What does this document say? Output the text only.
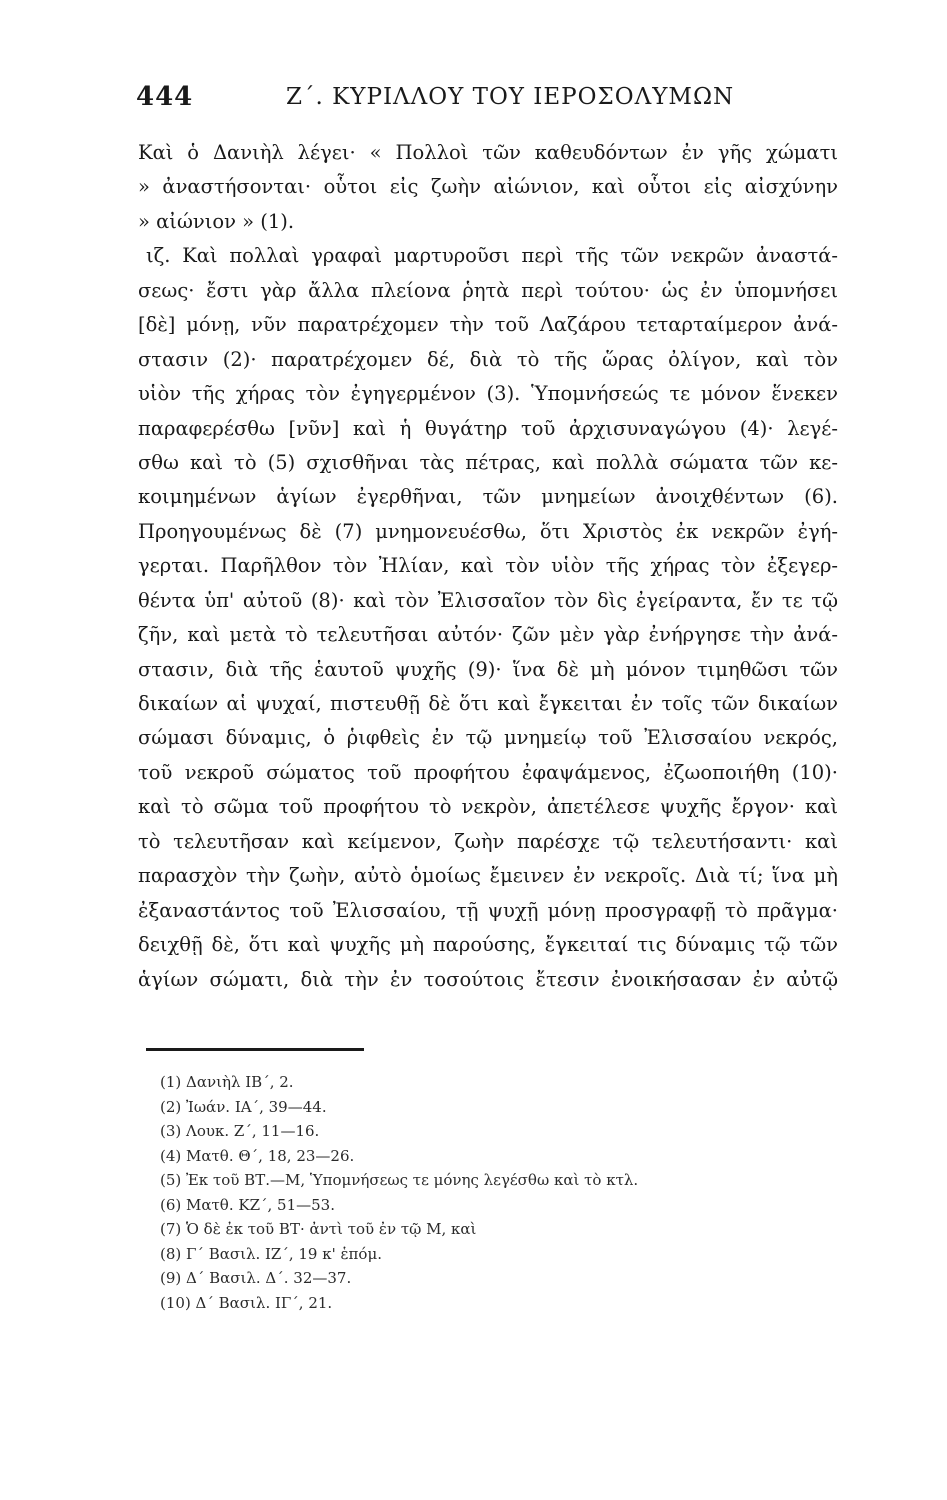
444	Ζ΄. ΚΥΡΙΛΛΟΥ ΤΟΥ ΙΕΡΟΣΟΛΥΜΩΝ
Καὶ ὁ Δανιὴλ λέγει· « Πολλοὶ τῶν καθευδόντων ἐν γῆς χώματι
» ἀναστήσονται· οὗτοι εἰς ζωὴν αἰώνιον, καὶ οὗτοι εἰς αἰσχύνην
» αἰώνιον » (1).
ιζ. Καὶ πολλαὶ γραφαὶ μαρτυροῦσι περὶ τῆς τῶν νεκρῶν ἀναστά-
σεως· ἔστι γὰρ ἄλλα πλείονα ῥητὰ περὶ τούτου· ὡς ἐν ὑπομνήσει
[δὲ] μόνῃ, νῦν παρατρέχομεν τὴν τοῦ Λαζάρου τεταρταίμερον ἀνά-
στασιν (2)· παρατρέχομεν δέ, διὰ τὸ τῆς ὥρας ὀλίγον, καὶ τὸν
υἱὸν τῆς χήρας τὸν ἐγηγερμένον (3). Ὑπομνήσεώς τε μόνον ἕνεκεν
παραφερέσθω [νῦν] καὶ ἡ θυγάτηρ τοῦ ἀρχισυναγώγου (4)· λεγέ-
σθω καὶ τὸ (5) σχισθῆναι τὰς πέτρας, καὶ πολλὰ σώματα τῶν κε-
κοιμημένων ἁγίων ἐγερθῆναι, τῶν μνημείων ἀνοιχθέντων (6).
Προηγουμένως δὲ (7) μνημονευέσθω, ὅτι Χριστὸς ἐκ νεκρῶν ἐγή-
γερται. Παρῆλθον τὸν Ἠλίαν, καὶ τὸν υἱὸν τῆς χήρας τὸν ἐξεγερ-
θέντα ὑπ' αὐτοῦ (8)· καὶ τὸν Ἐλισσαῖον τὸν δὶς ἐγείραντα, ἔν τε τῷ
ζῆν, καὶ μετὰ τὸ τελευτῆσαι αὐτόν· ζῶν μὲν γὰρ ἐνήργησε τὴν ἀνά-
στασιν, διὰ τῆς ἑαυτοῦ ψυχῆς (9)· ἵνα δὲ μὴ μόνον τιμηθῶσι τῶν
δικαίων αἱ ψυχαί, πιστευθῇ δὲ ὅτι καὶ ἔγκειται ἐν τοῖς τῶν δικαίων
σώμασι δύναμις, ὁ ῥιφθεὶς ἐν τῷ μνημείῳ τοῦ Ἐλισσαίου νεκρός,
τοῦ νεκροῦ σώματος τοῦ προφήτου ἐφαψάμενος, ἐζωοποιήθη (10)·
καὶ τὸ σῶμα τοῦ προφήτου τὸ νεκρὸν, ἀπετέλεσε ψυχῆς ἔργον· καὶ
τὸ τελευτῆσαν καὶ κείμενον, ζωὴν παρέσχε τῷ τελευτήσαντι· καὶ
παρασχὸν τὴν ζωὴν, αὐτὸ ὁμοίως ἔμεινεν ἐν νεκροῖς. Διὰ τί; ἵνα μὴ
ἐξαναστάντος τοῦ Ἐλισσαίου, τῇ ψυχῇ μόνῃ προσγραφῇ τὸ πρᾶγμα·
δειχθῇ δὲ, ὅτι καὶ ψυχῆς μὴ παρούσης, ἔγκειταί τις δύναμις τῷ τῶν
ἁγίων σώματι, διὰ τὴν ἐν τοσούτοις ἔτεσιν ἐνοικήσασαν ἐν αὐτῷ
(1) Δανιὴλ ΙΒ΄, 2.
(2) Ἰωάν. ΙΑ΄, 39—44.
(3) Λουκ. Ζ΄, 11—16.
(4) Ματθ. Θ΄, 18, 23—26.
(5) Ἐκ τοῦ ΒΤ.—Μ, Ὑπομνήσεως τε μόνης λεγέσθω καὶ τὸ κτλ.
(6) Ματθ. ΚΖ΄, 51—53.
(7) Ὁ δὲ ἐκ τοῦ ΒΤ· ἀντὶ τοῦ ἐν τῷ Μ, καὶ
(8) Γ΄ Βασιλ. ΙΖ΄, 19 κ' ἑπόμ.
(9) Δ΄ Βασιλ. Δ΄. 32—37.
(10) Δ΄ Βασιλ. ΙΓ΄, 21.
